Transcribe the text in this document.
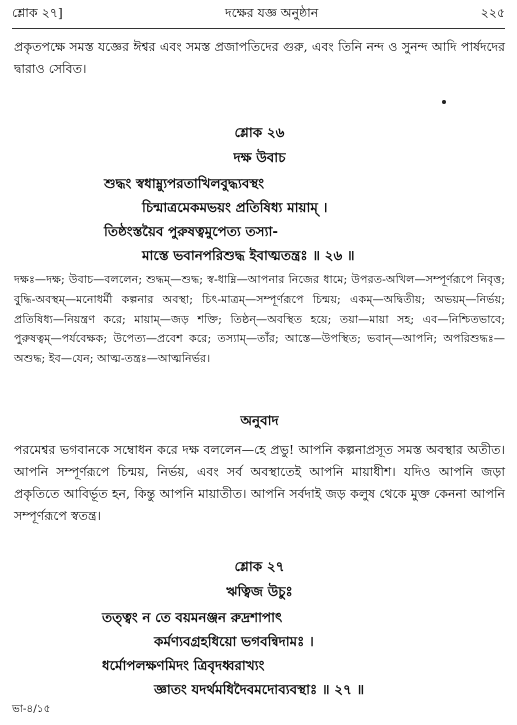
শ্লোক ২৭]	দক্ষের যজ্ঞ অনুষ্ঠান	২২৫

প্রকৃতপক্ষে সমস্ত যজ্ঞের ঈশ্বর এবং সমস্ত প্রজাপতিদের গুরু, এবং তিনি নন্দ ও সুনন্দ আদি পার্ষদদের দ্বারাও সেবিত।

শ্লোক ২৬
দক্ষ উবাচ
শুদ্ধং স্বধাম্ন্যুপরতাখিলবুদ্ধ্যবস্থং
চিন্মাত্রমেকমভয়ং প্রতিষিধ্য মায়াম্ ।
তিষ্ঠংস্তয়ৈব পুরুষত্বমুপেত্য তস্যা-
মাস্তে ভবানপরিশুদ্ধ ইবাত্মতন্ত্রঃ ॥ ২৬ ॥

দক্ষঃ—দক্ষ; উবাচ—বললেন; শুদ্ধম্—শুদ্ধ; স্ব-ধাম্নি—আপনার নিজের ধামে; উপরত-অখিল—সম্পূর্ণরূপে নিবৃত্ত; বুদ্ধি-অবস্থম্—মনোধর্মী কল্পনার অবস্থা; চিৎ-মাত্রম্—সম্পূর্ণরূপে চিন্ময়; একম্—অদ্বিতীয়; অভয়ম্—নির্ভয়; প্রতিষিধ্য—নিয়ন্ত্রণ করে; মায়াম্—জড় শক্তি; তিষ্ঠন্—অবস্থিত হয়ে; তয়া—মায়া সহ; এব—নিশ্চিতভাবে; পুরুষত্বম্—পর্যবেক্ষক; উপেত্য—প্রবেশ করে; তস্যাম্—তাঁর; আস্তে—উপস্থিত; ভবান্—আপনি; অপরিশুদ্ধঃ—অশুদ্ধ; ইব—যেন; আত্ম-তন্ত্রঃ—আত্মনির্ভর।

অনুবাদ

পরমেশ্বর ভগবানকে সম্বোধন করে দক্ষ বললেন—হে প্রভু! আপনি কল্পনাপ্রসূত সমস্ত অবস্থার অতীত। আপনি সম্পূর্ণরূপে চিন্ময়, নির্ভয়, এবং সর্ব অবস্থাতেই আপনি মায়াধীশ। যদিও আপনি জড়া প্রকৃতিতে আবির্ভূত হন, কিন্তু আপনি মায়াতীত। আপনি সর্বদাই জড় কলুষ থেকে মুক্ত কেননা আপনি সম্পূর্ণরূপে স্বতন্ত্র।

শ্লোক ২৭
ঋত্বিজ উচুঃ
তত্ত্বং ন তে বয়মনঞ্জন রুদ্রশাপাৎ
কর্মণ্যবগ্রহধিয়ো ভগবন্বিদামঃ ।
ধর্মোপলক্ষণমিদং ত্রিবৃদধ্বরাখ্যং
জ্ঞাতং যদর্থমধিদৈবমদোব্যবস্থাঃ ॥ ২৭ ॥
ভা-৪/১৫
